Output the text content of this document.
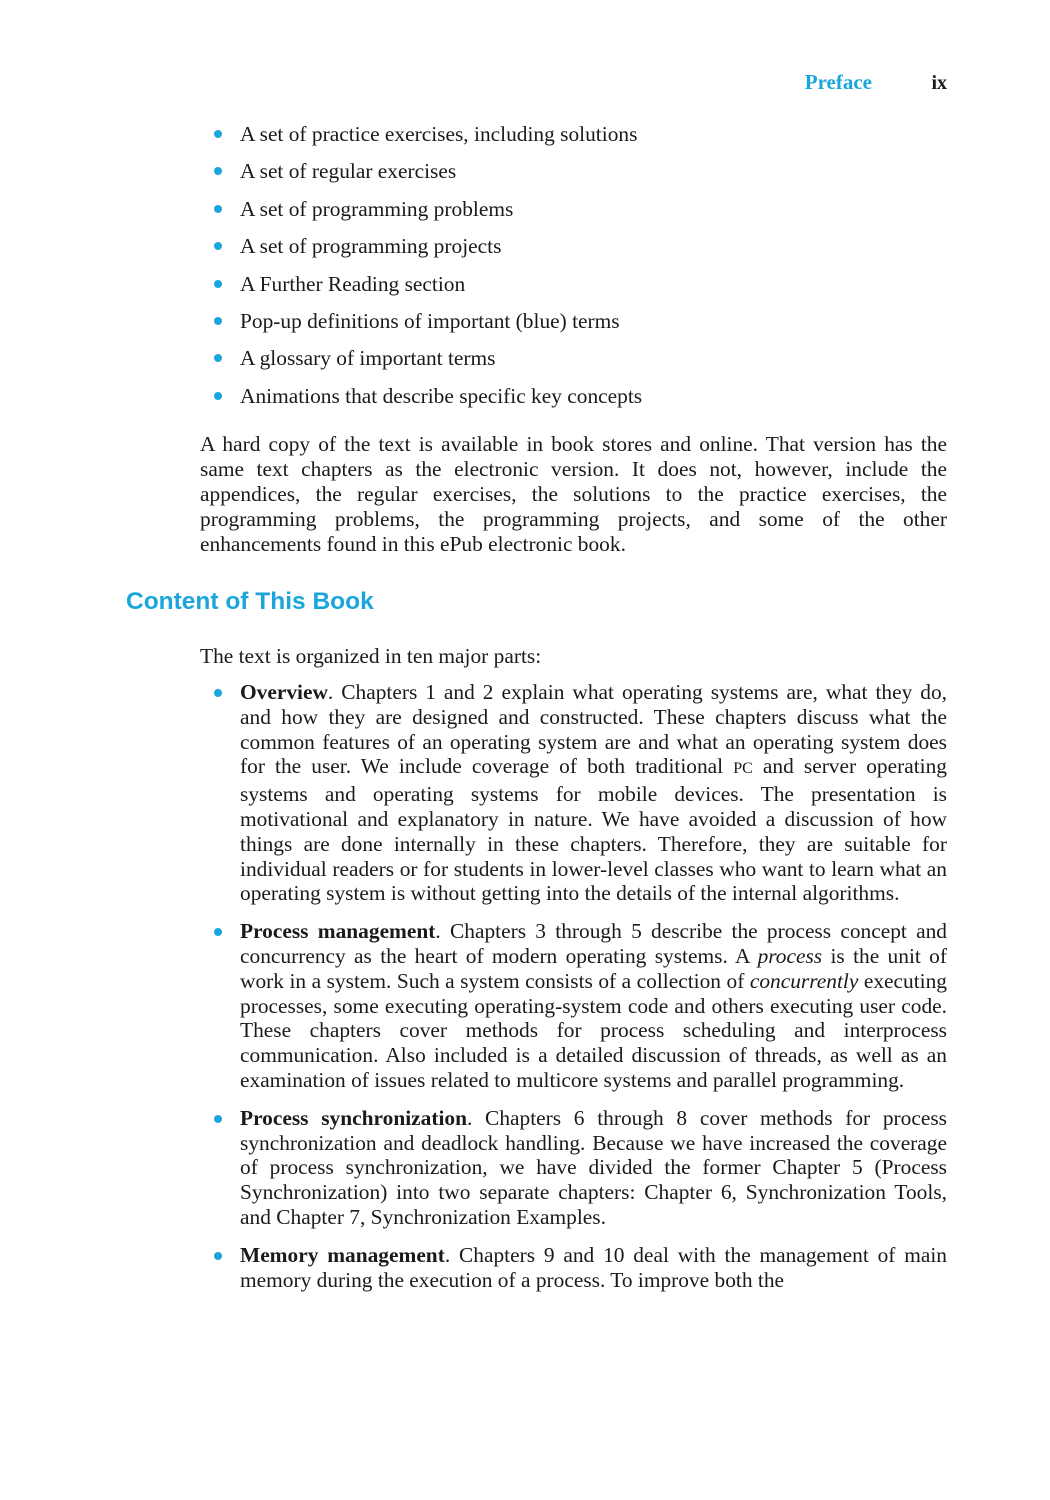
Preface	ix
A set of practice exercises, including solutions
A set of regular exercises
A set of programming problems
A set of programming projects
A Further Reading section
Pop-up definitions of important (blue) terms
A glossary of important terms
Animations that describe specific key concepts

A hard copy of the text is available in book stores and online. That version has the same text chapters as the electronic version. It does not, however, include the appendices, the regular exercises, the solutions to the practice exercises, the programming problems, the programming projects, and some of the other enhancements found in this ePub electronic book.

Content of This Book

The text is organized in ten major parts:

Overview. Chapters 1 and 2 explain what operating systems are, what they do, and how they are designed and constructed. These chapters discuss what the common features of an operating system are and what an operating system does for the user. We include coverage of both traditional PC and server operating systems and operating systems for mobile devices. The presentation is motivational and explanatory in nature. We have avoided a discussion of how things are done internally in these chapters. Therefore, they are suitable for individual readers or for students in lower-level classes who want to learn what an operating system is without getting into the details of the internal algorithms.
Process management. Chapters 3 through 5 describe the process concept and concurrency as the heart of modern operating systems. A process is the unit of work in a system. Such a system consists of a collection of concurrently executing processes, some executing operating-system code and others executing user code. These chapters cover methods for process scheduling and interprocess communication. Also included is a detailed discussion of threads, as well as an examination of issues related to multicore systems and parallel programming.
Process synchronization. Chapters 6 through 8 cover methods for process synchronization and deadlock handling. Because we have increased the coverage of process synchronization, we have divided the former Chapter 5 (Process Synchronization) into two separate chapters: Chapter 6, Synchronization Tools, and Chapter 7, Synchronization Examples.
Memory management. Chapters 9 and 10 deal with the management of main memory during the execution of a process. To improve both the
